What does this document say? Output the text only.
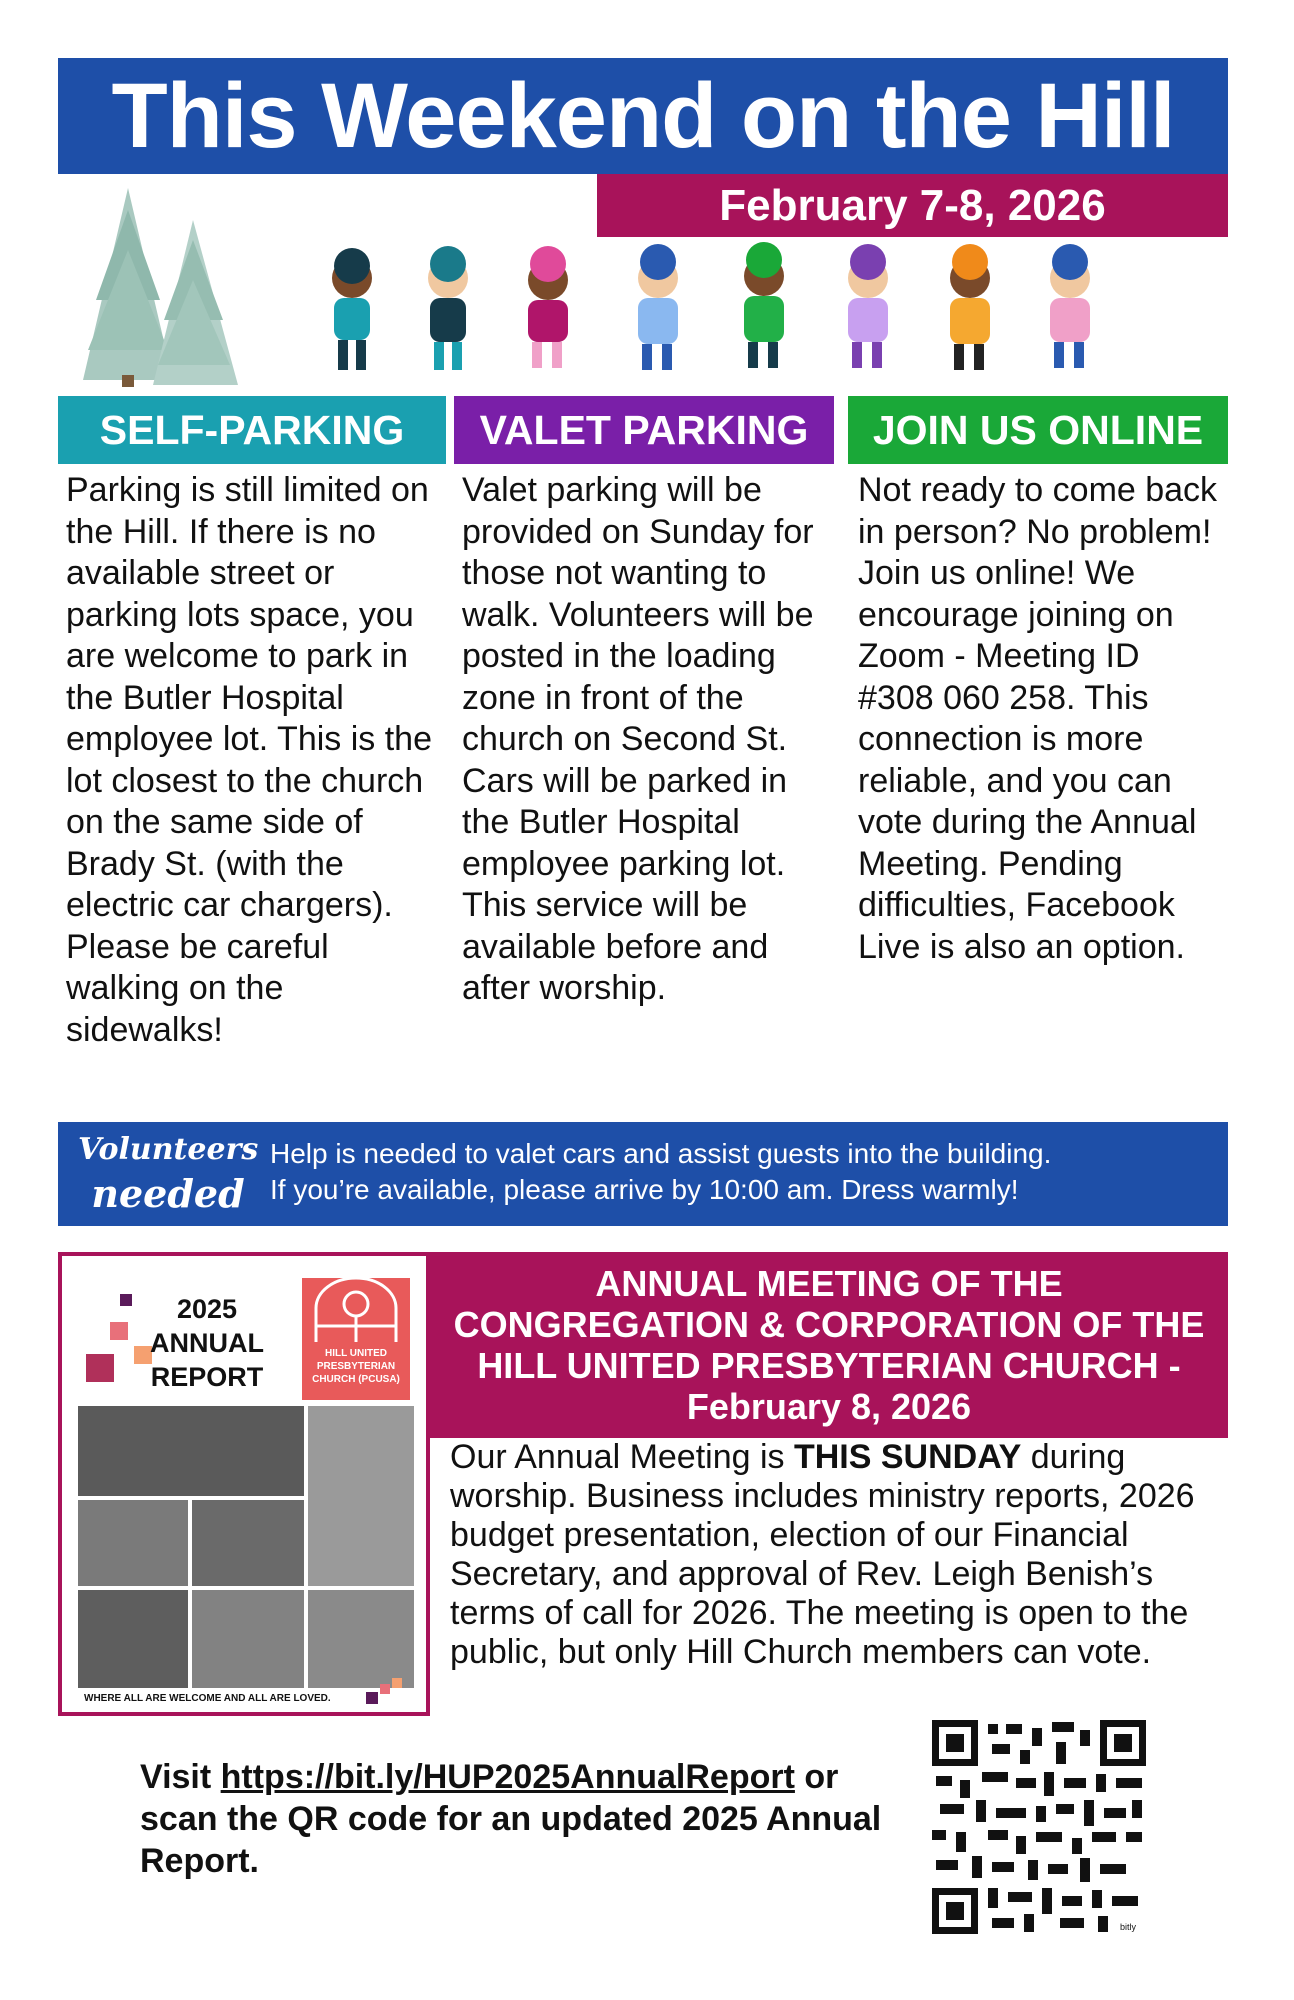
This Weekend on the Hill
February 7-8, 2026
SELF-PARKING	VALET PARKING	JOIN US ONLINE
Parking is still limited on the Hill. If there is no available street or parking lots space, you are welcome to park in the Butler Hospital employee lot. This is the lot closest to the church on the same side of Brady St. (with the electric car chargers). Please be careful walking on the sidewalks!
Valet parking will be provided on Sunday for those not wanting to walk. Volunteers will be posted in the loading zone in front of the church on Second St. Cars will be parked in the Butler Hospital employee parking lot. This service will be available before and after worship.
Not ready to come back in person? No problem! Join us online! We encourage joining on Zoom - Meeting ID #308 060 258. This connection is more reliable, and you can vote during the Annual Meeting. Pending difficulties, Facebook Live is also an option.
Volunteers
needed
Help is needed to valet cars and assist guests into the building.
If you’re available, please arrive by 10:00 am. Dress warmly!
2025
ANNUAL
REPORT
HILL UNITED
PRESBYTERIAN
CHURCH (PCUSA)
WHERE ALL ARE WELCOME AND ALL ARE LOVED.
ANNUAL MEETING OF THE CONGREGATION & CORPORATION OF THE HILL UNITED PRESBYTERIAN CHURCH - February 8, 2026
Our Annual Meeting is THIS SUNDAY during worship. Business includes ministry reports, 2026 budget presentation, election of our Financial Secretary, and approval of Rev. Leigh Benish’s terms of call for 2026. The meeting is open to the public, but only Hill Church members can vote.
Visit https://bit.ly/HUP2025AnnualReport or scan the QR code for an updated 2025 Annual Report.
bitly
